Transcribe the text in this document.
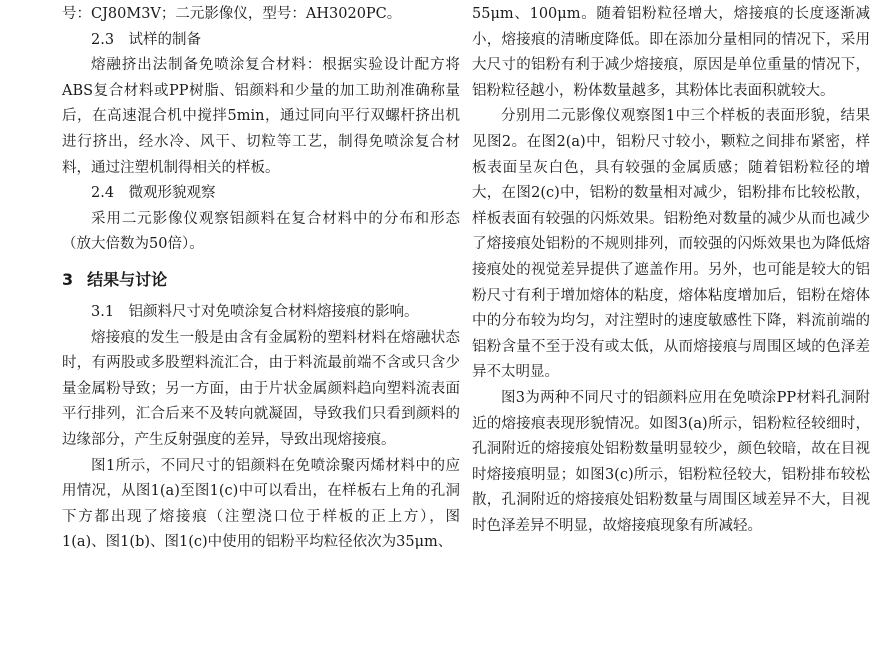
号：CJ80M3V；二元影像仪，型号：AH3020PC。

2.3　试样的制备

熔融挤出法制备免喷涂复合材料：根据实验设计配方将ABS复合材料或PP树脂、铝颜料和少量的加工助剂准确称量后，在高速混合机中搅拌5min，通过同向平行双螺杆挤出机进行挤出，经水冷、风干、切粒等工艺，制得免喷涂复合材料，通过注塑机制得相关的样板。

2.4　微观形貌观察

采用二元影像仪观察铝颜料在复合材料中的分布和形态（放大倍数为50倍）。

3 结果与讨论

3.1　铝颜料尺寸对免喷涂复合材料熔接痕的影响。

熔接痕的发生一般是由含有金属粉的塑料材料在熔融状态时，有两股或多股塑料流汇合，由于料流最前端不含或只含少量金属粉导致；另一方面，由于片状金属颜料趋向塑料流表面平行排列，汇合后来不及转向就凝固，导致我们只看到颜料的边缘部分，产生反射强度的差异，导致出现熔接痕。

图1所示，不同尺寸的铝颜料在免喷涂聚丙烯材料中的应用情况，从图1(a)至图1(c)中可以看出，在样板右上角的孔洞下方都出现了熔接痕（注塑浇口位于样板的正上方），图1(a)、图1(b)、图1(c)中使用的铝粉平均粒径依次为35μm、

55μm、100μm。随着铝粉粒径增大，熔接痕的长度逐渐减小，熔接痕的清晰度降低。即在添加分量相同的情况下，采用大尺寸的铝粉有利于减少熔接痕，原因是单位重量的情况下，铝粉粒径越小，粉体数量越多，其粉体比表面积就较大。

分别用二元影像仪观察图1中三个样板的表面形貌，结果见图2。在图2(a)中，铝粉尺寸较小，颗粒之间排布紧密，样板表面呈灰白色，具有较强的金属质感；随着铝粉粒径的增大，在图2(c)中，铝粉的数量相对减少，铝粉排布比较松散，样板表面有较强的闪烁效果。铝粉绝对数量的减少从而也减少了熔接痕处铝粉的不规则排列，而较强的闪烁效果也为降低熔接痕处的视觉差异提供了遮盖作用。另外，也可能是较大的铝粉尺寸有利于增加熔体的粘度，熔体粘度增加后，铝粉在熔体中的分布较为均匀，对注塑时的速度敏感性下降，料流前端的铝粉含量不至于没有或太低，从而熔接痕与周围区域的色泽差异不太明显。

图3为两种不同尺寸的铝颜料应用在免喷涂PP材料孔洞附近的熔接痕表现形貌情况。如图3(a)所示，铝粉粒径较细时，孔洞附近的熔接痕处铝粉数量明显较少，颜色较暗，故在目视时熔接痕明显；如图3(c)所示，铝粉粒径较大，铝粉排布较松散，孔洞附近的熔接痕处铝粉数量与周围区域差异不大，目视时色泽差异不明显，故熔接痕现象有所减轻。
